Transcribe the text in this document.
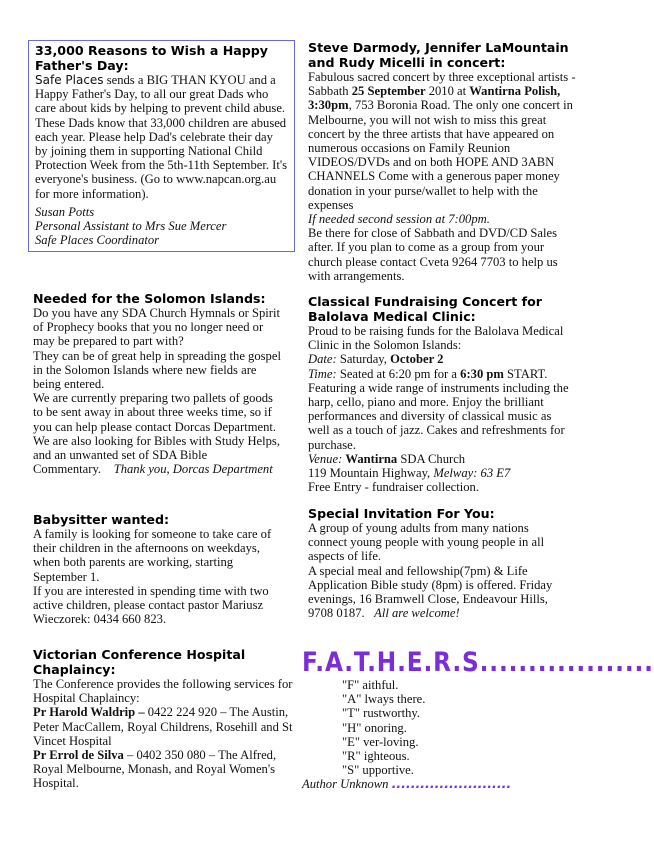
33,000 Reasons to Wish a Happy Father's Day:

Safe Places sends a BIG THAN KYOU and a Happy Father's Day, to all our great Dads who care about kids by helping to prevent child abuse. These Dads know that 33,000 children are abused each year. Please help Dad's celebrate their day by joining them in supporting National Child Protection Week from the 5th-11th September. It's everyone's business. (Go to www.napcan.org.au for more information).

Susan Potts

Personal Assistant to Mrs Sue Mercer

Safe Places Coordinator

Needed for the Solomon Islands:

Do you have any SDA Church Hymnals or Spirit of Prophecy books that you no longer need or may be prepared to part with?

They can be of great help in spreading the gospel in the Solomon Islands where new fields are being entered.

We are currently preparing two pallets of goods to be sent away in about three weeks time, so if you can help please contact Dorcas Department.

We are also looking for Bibles with Study Helps, and an unwanted set of SDA Bible Commentary. Thank you, Dorcas Department

Babysitter wanted:

A family is looking for someone to take care of their children in the afternoons on weekdays, when both parents are working, starting September 1.

If you are interested in spending time with two active children, please contact pastor Mariusz Wieczorek: 0434 660 823.

Victorian Conference Hospital Chaplaincy:

The Conference provides the following services for Hospital Chaplaincy:

Pr Harold Waldrip – 0422 224 920 – The Austin, Peter MacCallem, Royal Childrens, Rosehill and St Vincet Hospital

Pr Errol de Silva – 0402 350 080 – The Alfred, Royal Melbourne, Monash, and Royal Women's Hospital.

Steve Darmody, Jennifer LaMountain and Rudy Micelli in concert:

Fabulous sacred concert by three exceptional artists - Sabbath 25 September 2010 at Wantirna Polish, 3:30pm, 753 Boronia Road. The only one concert in Melbourne, you will not wish to miss this great concert by the three artists that have appeared on numerous occasions on Family Reunion VIDEOS/DVDs and on both HOPE AND 3ABN CHANNELS Come with a generous paper money donation in your purse/wallet to help with the expenses

If needed second session at 7:00pm.

Be there for close of Sabbath and DVD/CD Sales after. If you plan to come as a group from your church please contact Cveta 9264 7703 to help us with arrangements.

Classical Fundraising Concert for Balolava Medical Clinic:

Proud to be raising funds for the Balolava Medical Clinic in the Solomon Islands:

Date: Saturday, October 2

Time: Seated at 6:20 pm for a 6:30 pm START.

Featuring a wide range of instruments including the harp, cello, piano and more. Enjoy the brilliant performances and diversity of classical music as well as a touch of jazz. Cakes and refreshments for purchase.

Venue: Wantirna SDA Church

119 Mountain Highway, Melway: 63 E7

Free Entry - fundraiser collection.

Special Invitation For You:

A group of young adults from many nations connect young people with young people in all aspects of life.

A special meal and fellowship(7pm) & Life Application Bible study (8pm) is offered. Friday evenings, 16 Bramwell Close, Endeavour Hills, 9708 0187. All are welcome!

F.A.T.H.E.R.S..................
"F" aithful.
"A" lways there.
"T" rustworthy.
"H" onoring.
"E" ver-loving.
"R" ighteous.
"S" upportive.

Author Unknown .........................
